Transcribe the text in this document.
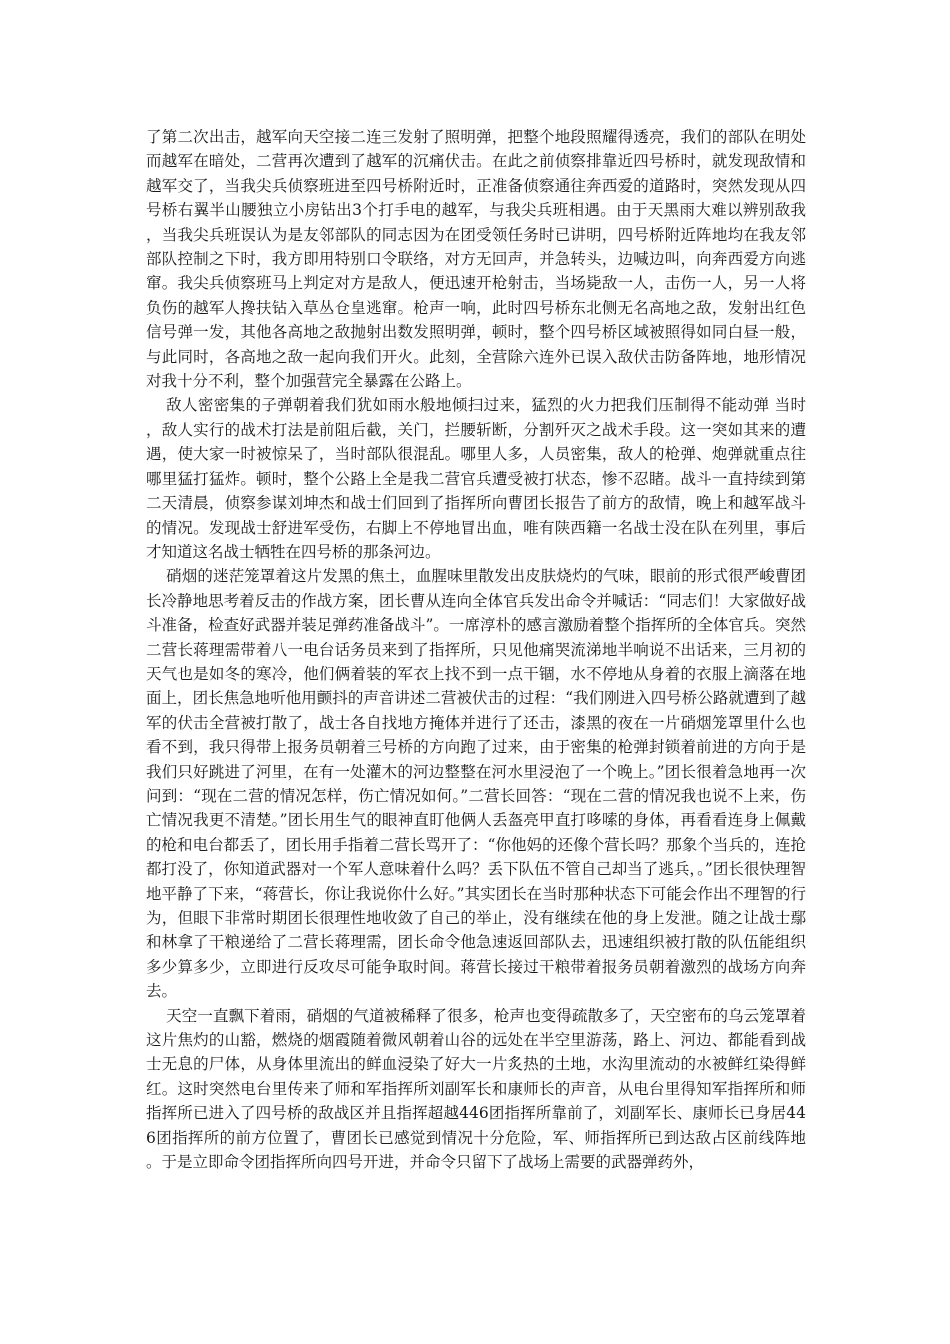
了第二次出击，越军向天空接二连三发射了照明弹，把整个地段照耀得透亮，我们的部队在明处而越军在暗处，二营再次遭到了越军的沉痛伏击。在此之前侦察排靠近四号桥时，就发现敌情和越军交了，当我尖兵侦察班进至四号桥附近时，正准备侦察通往奔西爱的道路时，突然发现从四号桥右翼半山腰独立小房钻出3个打手电的越军，与我尖兵班相遇。由于天黑雨大难以辨别敌我，当我尖兵班误认为是友邻部队的同志因为在团受领任务时已讲明，四号桥附近阵地均在我友邻部队控制之下时，我方即用特别口令联络，对方无回声，并急转头，边喊边叫，向奔西爱方向逃窜。我尖兵侦察班马上判定对方是敌人，便迅速开枪射击，当场毙敌一人，击伤一人，另一人将负伤的越军人搀扶钻入草丛仓皇逃窜。枪声一响，此时四号桥东北侧无名高地之敌，发射出红色信号弹一发，其他各高地之敌抛射出数发照明弹，顿时，整个四号桥区域被照得如同白昼一般，与此同时，各高地之敌一起向我们开火。此刻，全营除六连外已误入敌伏击防备阵地，地形情况对我十分不利，整个加强营完全暴露在公路上。

敌人密密集的子弹朝着我们犹如雨水般地倾扫过来，猛烈的火力把我们压制得不能动弹 当时，敌人实行的战术打法是前阻后截，关门，拦腰斩断，分割歼灭之战术手段。这一突如其来的遭遇，使大家一时被惊呆了，当时部队很混乱。哪里人多，人员密集，敌人的枪弹、炮弹就重点往哪里猛打猛炸。顿时，整个公路上全是我二营官兵遭受被打状态，惨不忍睹。战斗一直持续到第二天清晨，侦察参谋刘坤杰和战士们回到了指挥所向曹团长报告了前方的敌情，晚上和越军战斗的情况。发现战士舒进军受伤，右脚上不停地冒出血，唯有陕西籍一名战士没在队在列里，事后才知道这名战士牺牲在四号桥的那条河边。

硝烟的迷茫笼罩着这片发黑的焦土，血腥味里散发出皮肤烧灼的气味，眼前的形式很严峻曹团长冷静地思考着反击的作战方案，团长曹从连向全体官兵发出命令并喊话：“同志们！大家做好战斗准备，检查好武器并装足弹药准备战斗”。一席淳朴的感言激励着整个指挥所的全体官兵。突然二营长蒋理需带着八一电台话务员来到了指挥所，只见他痛哭流涕地半响说不出话来，三月初的天气也是如冬的寒冷，他们俩着装的军衣上找不到一点干锢，水不停地从身着的衣服上滴落在地面上，团长焦急地听他用颤抖的声音讲述二营被伏击的过程：“我们刚进入四号桥公路就遭到了越军的伏击全营被打散了，战士各自找地方掩体并进行了还击，漆黑的夜在一片硝烟笼罩里什么也看不到，我只得带上报务员朝着三号桥的方向跑了过来，由于密集的枪弹封锁着前进的方向于是我们只好跳进了河里，在有一处灌木的河边整整在河水里浸泡了一个晚上。”团长很着急地再一次问到：“现在二营的情况怎样，伤亡情况如何。”二营长回答：“现在二营的情况我也说不上来，伤亡情况我更不清楚。”团长用生气的眼神直盯他俩人丢盔亮甲直打哆嗦的身体，再看看连身上佩戴的枪和电台都丢了，团长用手指着二营长骂开了：“你他妈的还像个营长吗？那象个当兵的，连抢都打没了，你知道武器对一个军人意味着什么吗？丢下队伍不管自己却当了逃兵，。”团长很快理智地平静了下来，“蒋营长，你让我说你什么好。”其实团长在当时那种状态下可能会作出不理智的行为，但眼下非常时期团长很理性地收敛了自己的举止，没有继续在他的身上发泄。随之让战士鄢和林拿了干粮递给了二营长蒋理需，团长命令他急速返回部队去，迅速组织被打散的队伍能组织多少算多少，立即进行反攻尽可能争取时间。蒋营长接过干粮带着报务员朝着激烈的战场方向奔去。

天空一直飘下着雨，硝烟的气道被稀释了很多，枪声也变得疏散多了，天空密布的乌云笼罩着这片焦灼的山豁，燃烧的烟霞随着微风朝着山谷的远处在半空里游荡，路上、河边、都能看到战士无息的尸体，从身体里流出的鲜血浸染了好大一片炙热的土地，水沟里流动的水被鲜红染得鲜红。这时突然电台里传来了师和军指挥所刘副军长和康师长的声音，从电台里得知军指挥所和师指挥所已进入了四号桥的敌战区并且指挥超越446团指挥所靠前了，刘副军长、康师长已身居446团指挥所的前方位置了，曹团长已感觉到情况十分危险，军、师指挥所已到达敌占区前线阵地。于是立即命令团指挥所向四号开进，并命令只留下了战场上需要的武器弹药外，
